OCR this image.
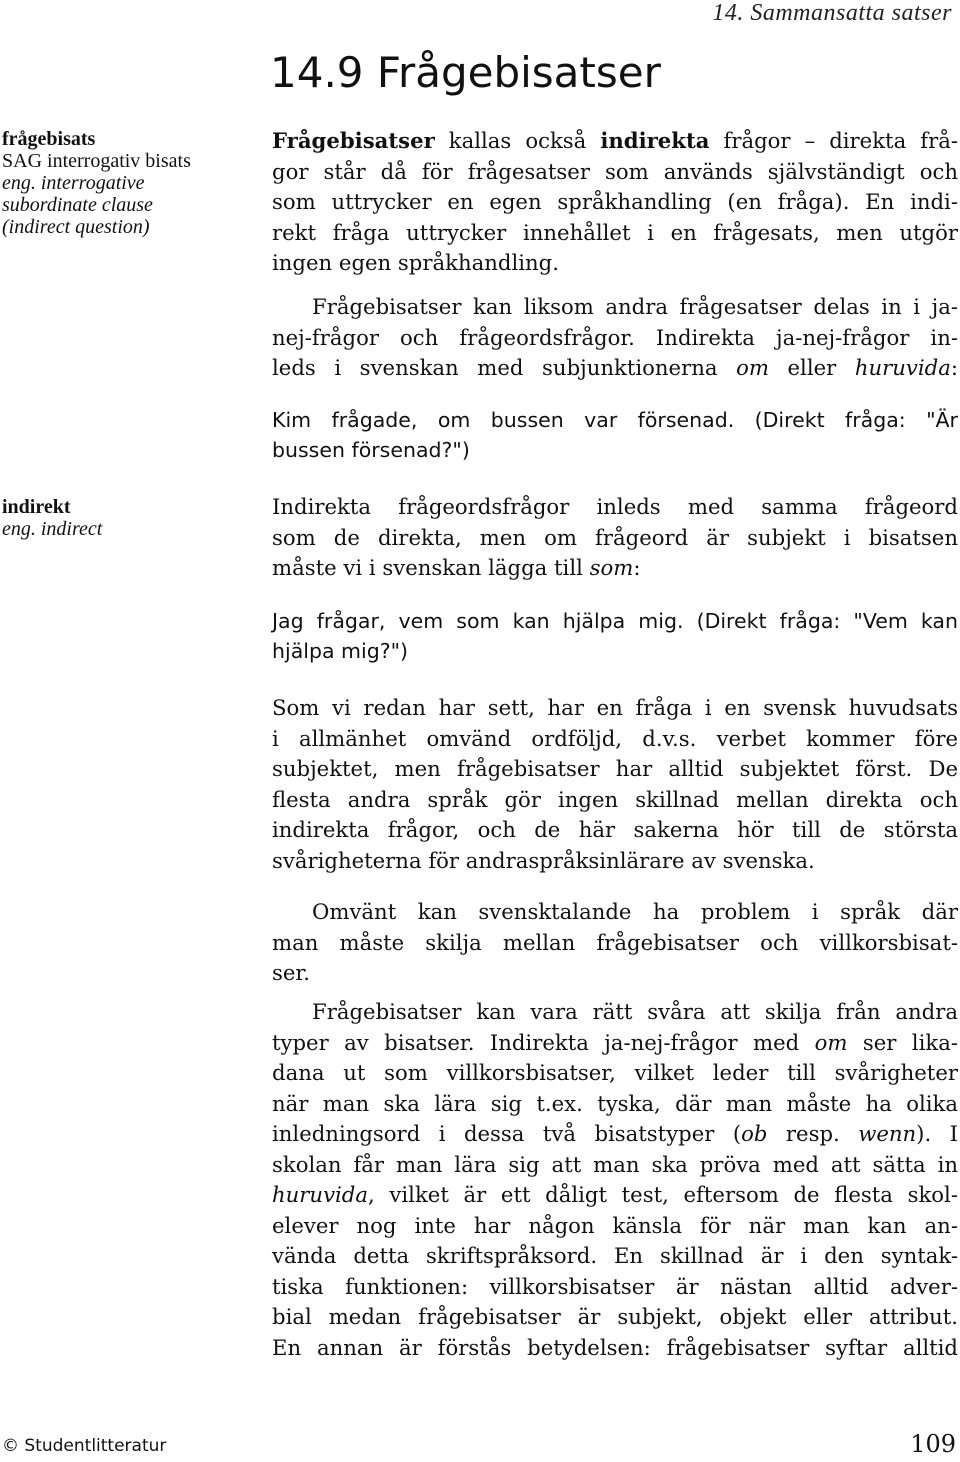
14. Sammansatta satser
14.9 Frågebisatser
frågebisats
SAG interrogativ bisats
eng. interrogative
subordinate clause
(indirect question)
indirekt
eng. indirect
Frågebisatser kallas också indirekta frågor – direkta frå-
gor står då för frågesatser som används självständigt och
som uttrycker en egen språkhandling (en fråga). En indi-
rekt fråga uttrycker innehållet i en frågesats, men utgör
ingen egen språkhandling.
Frågebisatser kan liksom andra frågesatser delas in i ja-
nej-frågor och frågeordsfrågor. Indirekta ja-nej-frågor in-
leds i svenskan med subjunktionerna om eller huruvida:
Kim frågade, om bussen var försenad. (Direkt fråga: "Är
bussen försenad?")
Indirekta frågeordsfrågor inleds med samma frågeord
som de direkta, men om frågeord är subjekt i bisatsen
måste vi i svenskan lägga till som:
Jag frågar, vem som kan hjälpa mig. (Direkt fråga: "Vem kan
hjälpa mig?")
Som vi redan har sett, har en fråga i en svensk huvudsats
i allmänhet omvänd ordföljd, d.v.s. verbet kommer före
subjektet, men frågebisatser har alltid subjektet först. De
flesta andra språk gör ingen skillnad mellan direkta och
indirekta frågor, och de här sakerna hör till de största
svårigheterna för andraspråksinlärare av svenska.
Omvänt kan svensktalande ha problem i språk där
man måste skilja mellan frågebisatser och villkorsbisat-
ser.
Frågebisatser kan vara rätt svåra att skilja från andra
typer av bisatser. Indirekta ja-nej-frågor med om ser lika-
dana ut som villkorsbisatser, vilket leder till svårigheter
när man ska lära sig t.ex. tyska, där man måste ha olika
inledningsord i dessa två bisatstyper (ob resp. wenn). I
skolan får man lära sig att man ska pröva med att sätta in
huruvida, vilket är ett dåligt test, eftersom de flesta skol-
elever nog inte har någon känsla för när man kan an-
vända detta skriftspråksord. En skillnad är i den syntak-
tiska funktionen: villkorsbisatser är nästan alltid adver-
bial medan frågebisatser är subjekt, objekt eller attribut.
En annan är förstås betydelsen: frågebisatser syftar alltid
© Studentlitteratur	109
